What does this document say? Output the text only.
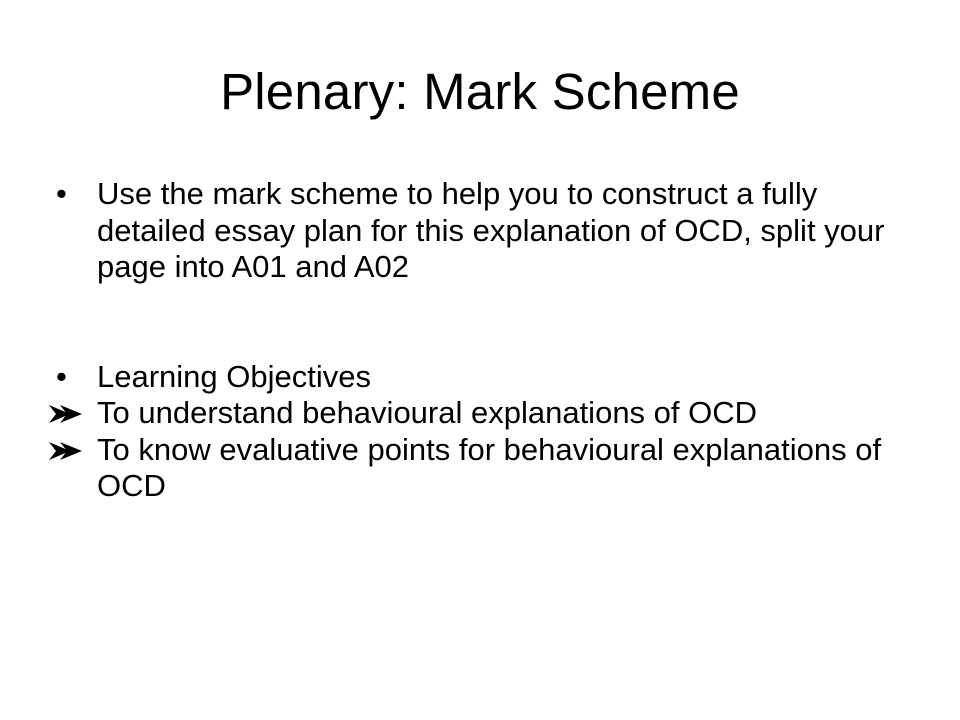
Plenary: Mark Scheme
• Use the mark scheme to help you to construct a fully detailed essay plan for this explanation of OCD, split your page into A01 and A02
• Learning Objectives
To understand behavioural explanations of OCD
To know evaluative points for behavioural explanations of OCD
